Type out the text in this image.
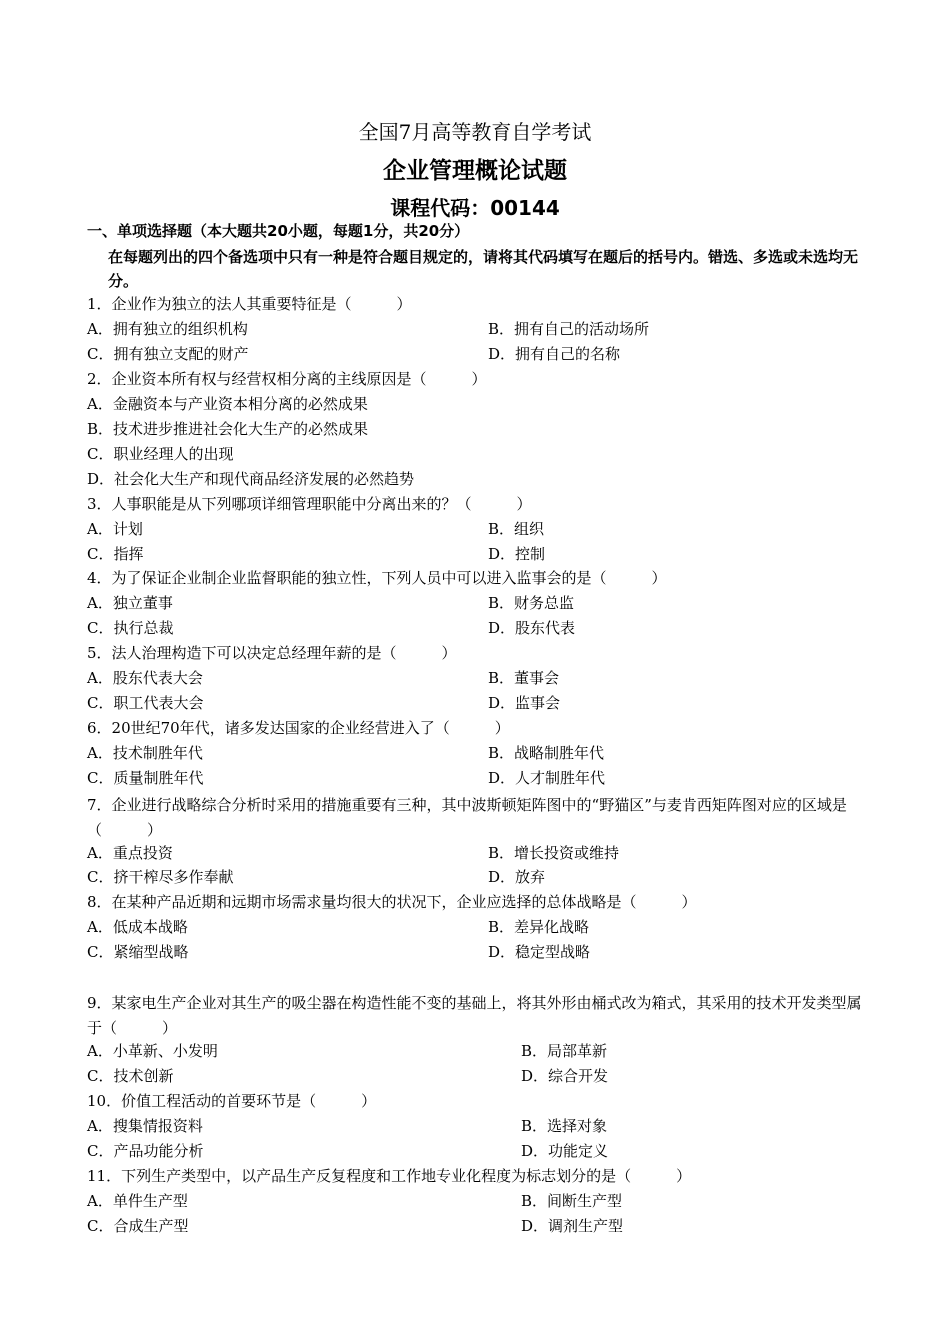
全国7月高等教育自学考试
企业管理概论试题
课程代码：00144
一、单项选择题（本大题共20小题，每题1分，共20分）
在每题列出的四个备选项中只有一种是符合题目规定的，请将其代码填写在题后的括号内。错选、多选或未选均无分。
1．企业作为独立的法人其重要特征是（　　　）
A．拥有独立的组织机构	B．拥有自己的活动场所
C．拥有独立支配的财产	D．拥有自己的名称
2．企业资本所有权与经营权相分离的主线原因是（　　　）
A．金融资本与产业资本相分离的必然成果
B．技术进步推进社会化大生产的必然成果
C．职业经理人的出现
D．社会化大生产和现代商品经济发展的必然趋势
3．人事职能是从下列哪项详细管理职能中分离出来的？（　　　）
A．计划	B．组织
C．指挥	D．控制
4．为了保证企业制企业监督职能的独立性，下列人员中可以进入监事会的是（　　　）
A．独立董事	B．财务总监
C．执行总裁	D．股东代表
5．法人治理构造下可以决定总经理年薪的是（　　　）
A．股东代表大会	B．董事会
C．职工代表大会	D．监事会
6．20世纪70年代，诸多发达国家的企业经营进入了（　　　）
A．技术制胜年代	B．战略制胜年代
C．质量制胜年代	D．人才制胜年代
7．企业进行战略综合分析时采用的措施重要有三种，其中波斯顿矩阵图中的“野猫区”与麦肯西矩阵图对应的区域是（　　　）
A．重点投资	B．增长投资或维持
C．挤干榨尽多作奉献	D．放弃
8．在某种产品近期和远期市场需求量均很大的状况下，企业应选择的总体战略是（　　　）
A．低成本战略	B．差异化战略
C．紧缩型战略	D．稳定型战略
9．某家电生产企业对其生产的吸尘器在构造性能不变的基础上，将其外形由桶式改为箱式，其采用的技术开发类型属于（　　　）
A．小革新、小发明	B．局部革新
C．技术创新	D．综合开发
10．价值工程活动的首要环节是（　　　）
A．搜集情报资料	B．选择对象
C．产品功能分析	D．功能定义
11．下列生产类型中，以产品生产反复程度和工作地专业化程度为标志划分的是（　　　）
A．单件生产型	B．间断生产型
C．合成生产型	D．调剂生产型
